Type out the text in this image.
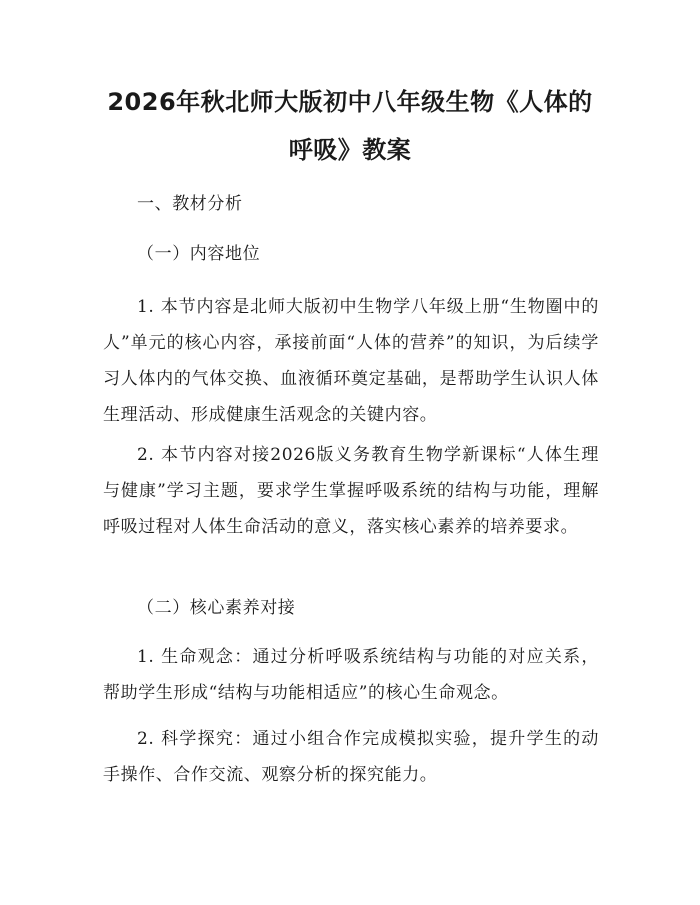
2026年秋北师大版初中八年级生物《人体的
呼吸》教案

一、教材分析

（一）内容地位

1. 本节内容是北师大版初中生物学八年级上册“生物圈中的人”单元的核心内容，承接前面“人体的营养”的知识，为后续学习人体内的气体交换、血液循环奠定基础，是帮助学生认识人体生理活动、形成健康生活观念的关键内容。

2. 本节内容对接2026版义务教育生物学新课标“人体生理与健康”学习主题，要求学生掌握呼吸系统的结构与功能，理解呼吸过程对人体生命活动的意义，落实核心素养的培养要求。

（二）核心素养对接

1. 生命观念：通过分析呼吸系统结构与功能的对应关系，帮助学生形成“结构与功能相适应”的核心生命观念。

2. 科学探究：通过小组合作完成模拟实验，提升学生的动手操作、合作交流、观察分析的探究能力。
